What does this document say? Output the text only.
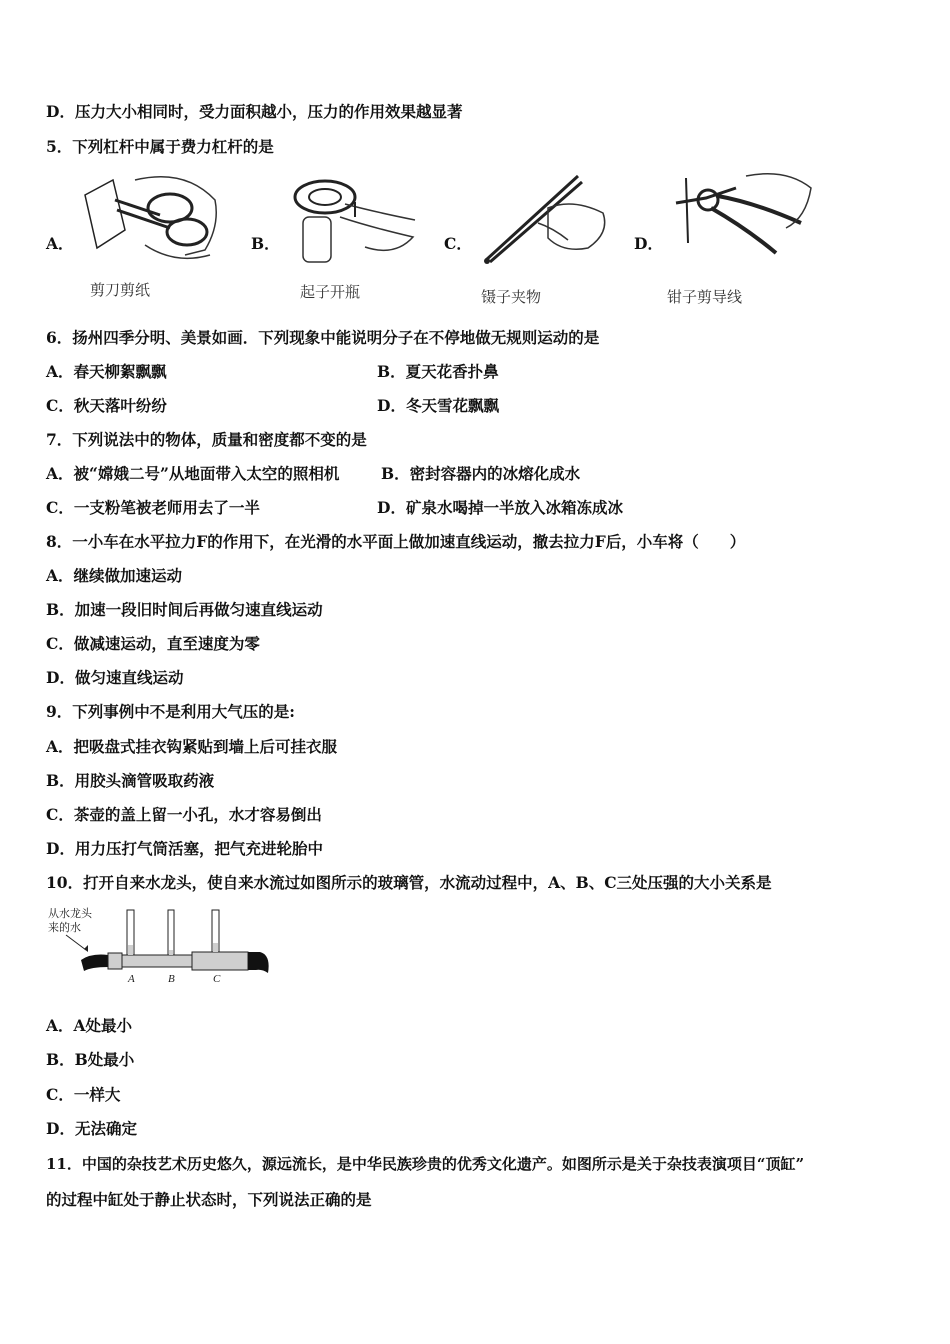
D．压力大小相同时，受力面积越小，压力的作用效果越显著
5．下列杠杆中属于费力杠杆的是
A．
剪刀剪纸
B．
起子开瓶
C．
镊子夹物
D．
钳子剪导线
6．扬州四季分明、美景如画．下列现象中能说明分子在不停地做无规则运动的是
A．春天柳絮飘飘	B．夏天花香扑鼻
C．秋天落叶纷纷	D．冬天雪花飘飘
7．下列说法中的物体，质量和密度都不变的是
A．被“嫦娥二号”从地面带入太空的照相机	B．密封容器内的冰熔化成水
C．一支粉笔被老师用去了一半	D．矿泉水喝掉一半放入冰箱冻成冰
8．一小车在水平拉力F的作用下，在光滑的水平面上做加速直线运动，撤去拉力F后，小车将（　　）
A．继续做加速运动
B．加速一段旧时间后再做匀速直线运动
C．做减速运动，直至速度为零
D．做匀速直线运动
9．下列事例中不是利用大气压的是:
A．把吸盘式挂衣钩紧贴到墙上后可挂衣服
B．用胶头滴管吸取药液
C．茶壶的盖上留一小孔，水才容易倒出
D．用力压打气筒活塞，把气充进轮胎中
10．打开自来水龙头，使自来水流过如图所示的玻璃管，水流动过程中，A、B、C三处压强的大小关系是
从水龙头
来的水
A	B	C
A．A处最小
B．B处最小
C．一样大
D．无法确定
11．中国的杂技艺术历史悠久，源远流长，是中华民族珍贵的优秀文化遗产。如图所示是关于杂技表演项目“顶缸”
的过程中缸处于静止状态时，下列说法正确的是
